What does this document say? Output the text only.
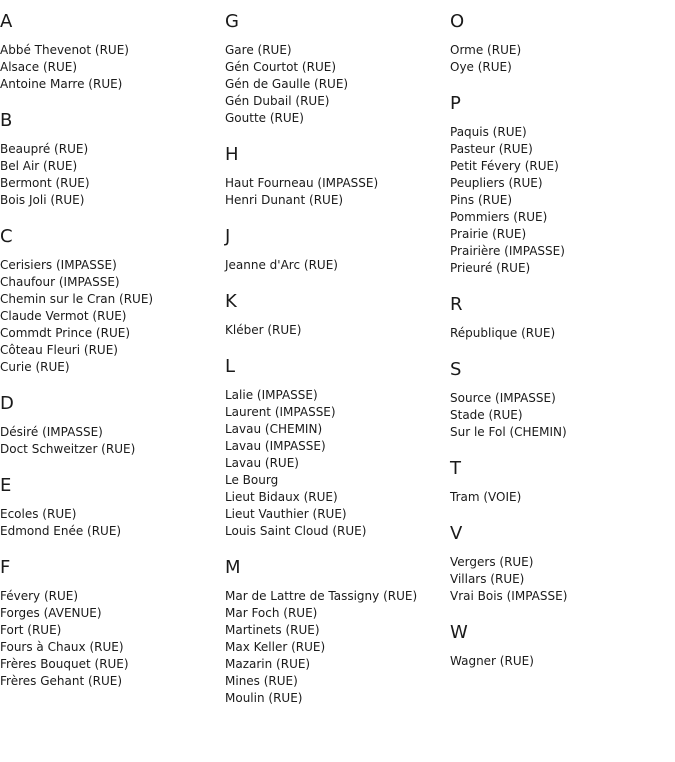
A
Abbé Thevenot (RUE)
Alsace (RUE)
Antoine Marre (RUE)
B
Beaupré (RUE)
Bel Air (RUE)
Bermont (RUE)
Bois Joli (RUE)
C
Cerisiers (IMPASSE)
Chaufour (IMPASSE)
Chemin sur le Cran (RUE)
Claude Vermot (RUE)
Commdt Prince (RUE)
Côteau Fleuri (RUE)
Curie (RUE)
D
Désiré (IMPASSE)
Doct Schweitzer (RUE)
E
Ecoles (RUE)
Edmond Enée (RUE)
F
Févery (RUE)
Forges (AVENUE)
Fort (RUE)
Fours à Chaux (RUE)
Frères Bouquet (RUE)
Frères Gehant (RUE)
G
Gare (RUE)
Gén Courtot (RUE)
Gén de Gaulle (RUE)
Gén Dubail (RUE)
Goutte (RUE)
H
Haut Fourneau (IMPASSE)
Henri Dunant (RUE)
J
Jeanne d'Arc (RUE)
K
Kléber (RUE)
L
Lalie (IMPASSE)
Laurent (IMPASSE)
Lavau (CHEMIN)
Lavau (IMPASSE)
Lavau (RUE)
Le Bourg
Lieut Bidaux (RUE)
Lieut Vauthier (RUE)
Louis Saint Cloud (RUE)
M
Mar de Lattre de Tassigny (RUE)
Mar Foch (RUE)
Martinets (RUE)
Max Keller (RUE)
Mazarin (RUE)
Mines (RUE)
Moulin (RUE)
O
Orme (RUE)
Oye (RUE)
P
Paquis (RUE)
Pasteur (RUE)
Petit Févery (RUE)
Peupliers (RUE)
Pins (RUE)
Pommiers (RUE)
Prairie (RUE)
Prairière (IMPASSE)
Prieuré (RUE)
R
République (RUE)
S
Source (IMPASSE)
Stade (RUE)
Sur le Fol (CHEMIN)
T
Tram (VOIE)
V
Vergers (RUE)
Villars (RUE)
Vrai Bois (IMPASSE)
W
Wagner (RUE)
